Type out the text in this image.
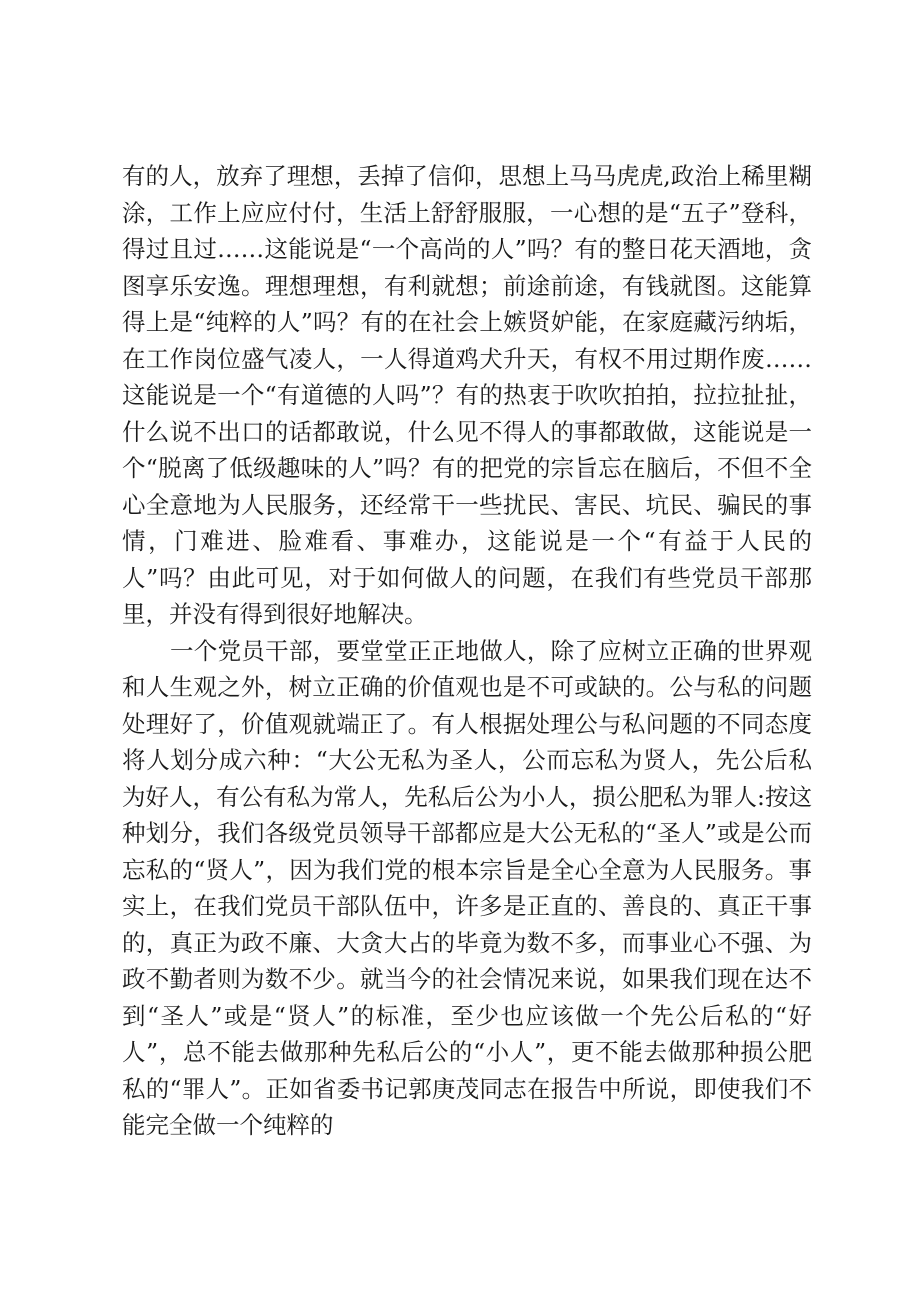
有的人，放弃了理想，丢掉了信仰，思想上马马虎虎,政治上稀里糊涂，工作上应应付付，生活上舒舒服服，一心想的是“五子”登科，得过且过……这能说是“一个高尚的人”吗？有的整日花天酒地，贪图享乐安逸。理想理想，有利就想；前途前途，有钱就图。这能算得上是“纯粹的人”吗？有的在社会上嫉贤妒能，在家庭藏污纳垢，在工作岗位盛气凌人，一人得道鸡犬升天，有权不用过期作废……这能说是一个“有道德的人吗”？有的热衷于吹吹拍拍，拉拉扯扯，什么说不出口的话都敢说，什么见不得人的事都敢做，这能说是一个“脱离了低级趣味的人”吗？有的把党的宗旨忘在脑后，不但不全心全意地为人民服务，还经常干一些扰民、害民、坑民、骗民的事情，门难进、脸难看、事难办，这能说是一个“有益于人民的人”吗？由此可见，对于如何做人的问题，在我们有些党员干部那里，并没有得到很好地解决。

一个党员干部，要堂堂正正地做人，除了应树立正确的世界观和人生观之外，树立正确的价值观也是不可或缺的。公与私的问题处理好了，价值观就端正了。有人根据处理公与私问题的不同态度将人划分成六种：“大公无私为圣人，公而忘私为贤人，先公后私为好人，有公有私为常人，先私后公为小人，损公肥私为罪人:按这种划分，我们各级党员领导干部都应是大公无私的“圣人”或是公而忘私的“贤人”，因为我们党的根本宗旨是全心全意为人民服务。事实上，在我们党员干部队伍中，许多是正直的、善良的、真正干事的，真正为政不廉、大贪大占的毕竟为数不多，而事业心不强、为政不勤者则为数不少。就当今的社会情况来说，如果我们现在达不到“圣人”或是“贤人”的标准，至少也应该做一个先公后私的“好人”，总不能去做那种先私后公的“小人”，更不能去做那种损公肥私的“罪人”。正如省委书记郭庚茂同志在报告中所说，即使我们不能完全做一个纯粹的
